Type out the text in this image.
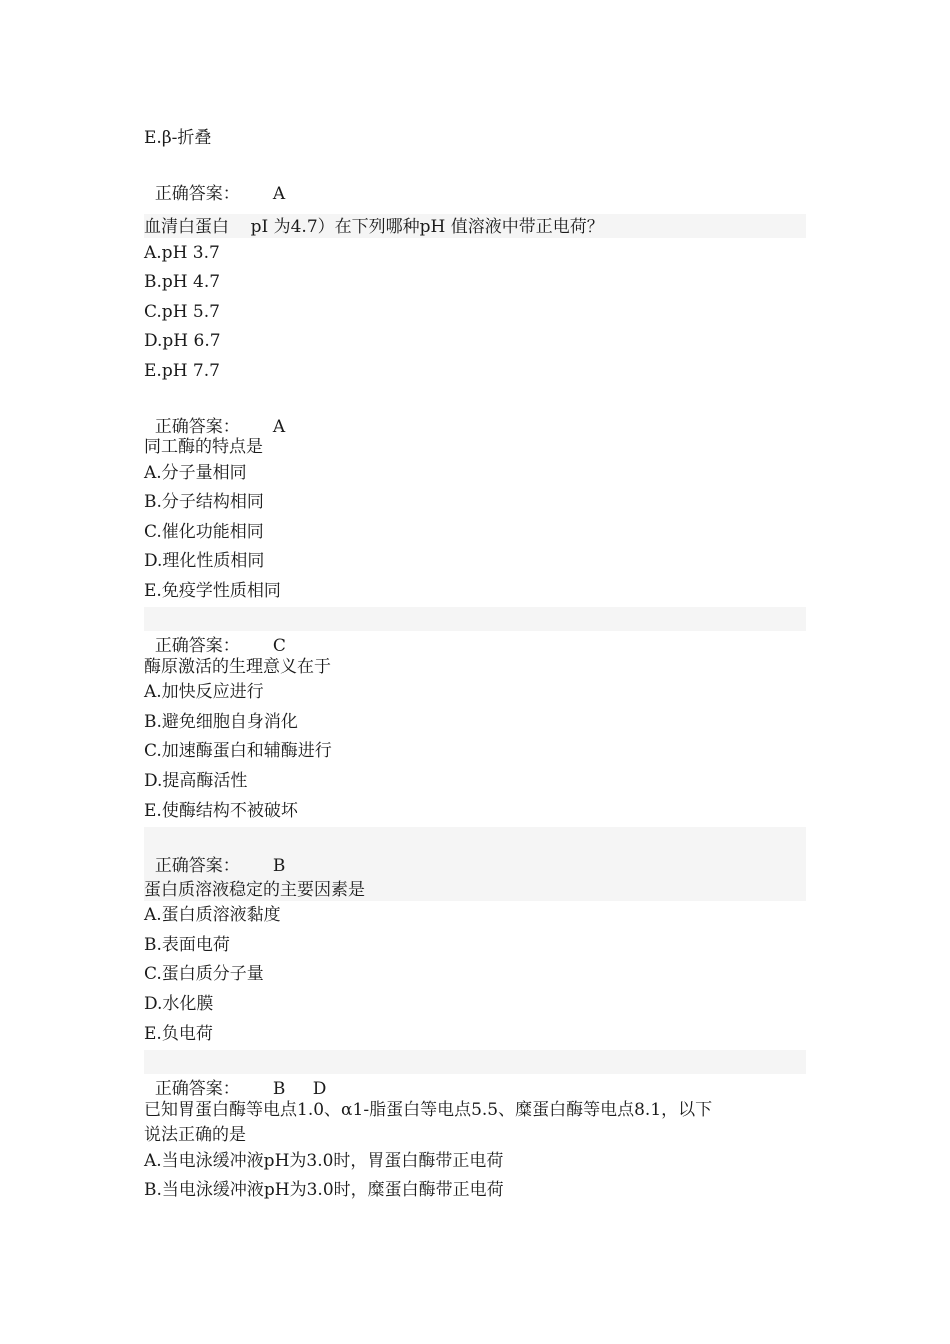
E.β-折叠

正确答案： A

血清白蛋白    pI 为4.7）在下列哪种pH 值溶液中带正电荷？
A.pH 3.7
B.pH 4.7
C.pH 5.7
D.pH 6.7
E.pH 7.7

正确答案： A

同工酶的特点是
A.分子量相同
B.分子结构相同
C.催化功能相同
D.理化性质相同
E.免疫学性质相同

正确答案： C

酶原激活的生理意义在于
A.加快反应进行
B.避免细胞自身消化
C.加速酶蛋白和辅酶进行
D.提高酶活性
E.使酶结构不被破坏

正确答案： B

蛋白质溶液稳定的主要因素是
A.蛋白质溶液黏度
B.表面电荷
C.蛋白质分子量
D.水化膜
E.负电荷

正确答案： B D

已知胃蛋白酶等电点1.0、α1-脂蛋白等电点5.5、糜蛋白酶等电点8.1，以下
说法正确的是
A.当电泳缓冲液pH为3.0时，胃蛋白酶带正电荷
B.当电泳缓冲液pH为3.0时，糜蛋白酶带正电荷
